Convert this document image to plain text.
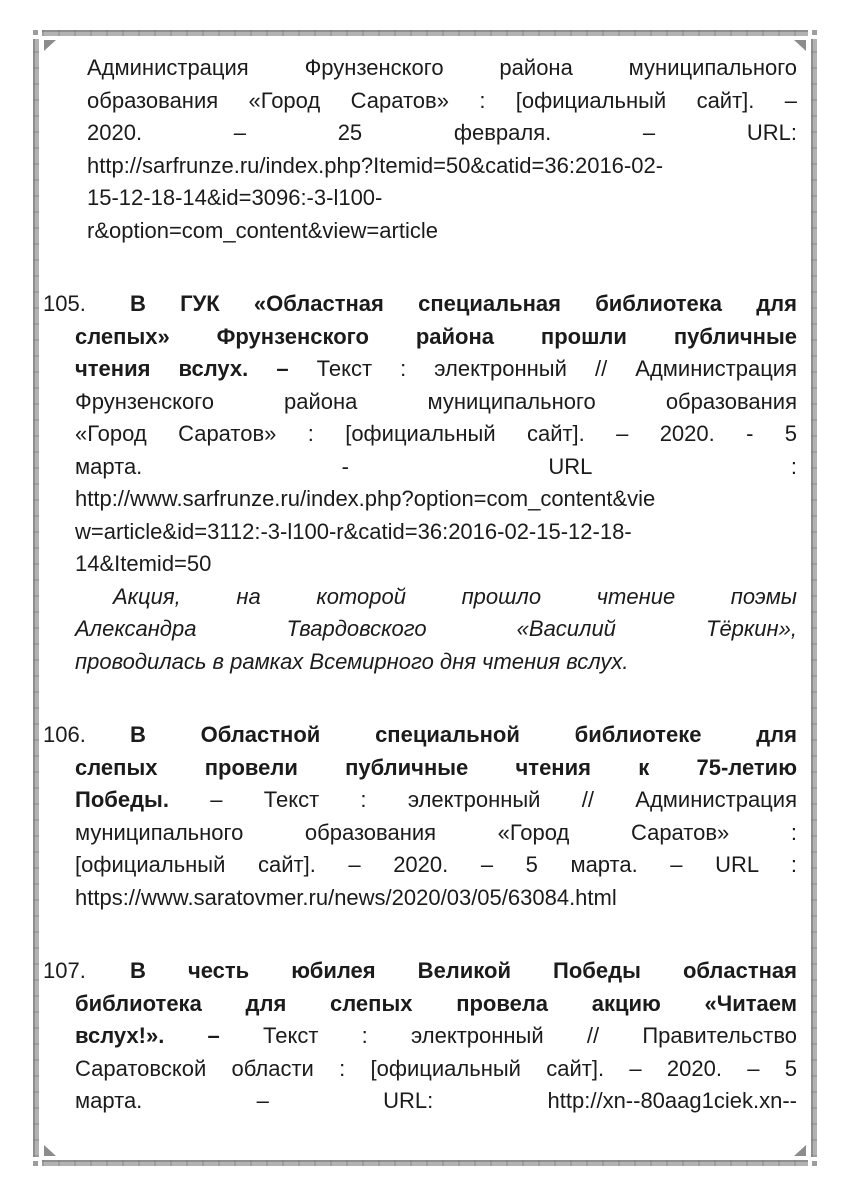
Администрация Фрунзенского района муниципального
образования «Город Саратов» : [официальный сайт]. –
2020. – 25 февраля. – URL:
http://sarfrunze.ru/index.php?Itemid=50&catid=36:2016-02-
15-12-18-14&id=3096:-3-l100-
r&option=com_content&view=article
105.	В ГУК «Областная специальная библиотека для
слепых» Фрунзенского района прошли публичные
чтения вслух. – Текст : электронный // Администрация
Фрунзенского района муниципального образования
«Город Саратов» : [официальный сайт]. – 2020. - 5
марта. - URL :
http://www.sarfrunze.ru/index.php?option=com_content&vie
w=article&id=3112:-3-l100-r&catid=36:2016-02-15-12-18-
14&Itemid=50
Акция, на которой прошло чтение поэмы
Александра Твардовского «Василий Тёркин»,
проводилась в рамках Всемирного дня чтения вслух.
106.	В Областной специальной библиотеке для
слепых провели публичные чтения к 75-летию
Победы. – Текст : электронный // Администрация
муниципального образования «Город Саратов» :
[официальный сайт]. – 2020. – 5 марта. – URL :
https://www.saratovmer.ru/news/2020/03/05/63084.html
107.	В честь юбилея Великой Победы областная
библиотека для слепых провела акцию «Читаем
вслух!». – Текст : электронный // Правительство
Саратовской области : [официальный сайт]. – 2020. – 5
марта. – URL: http://xn--80aag1ciek.xn--
